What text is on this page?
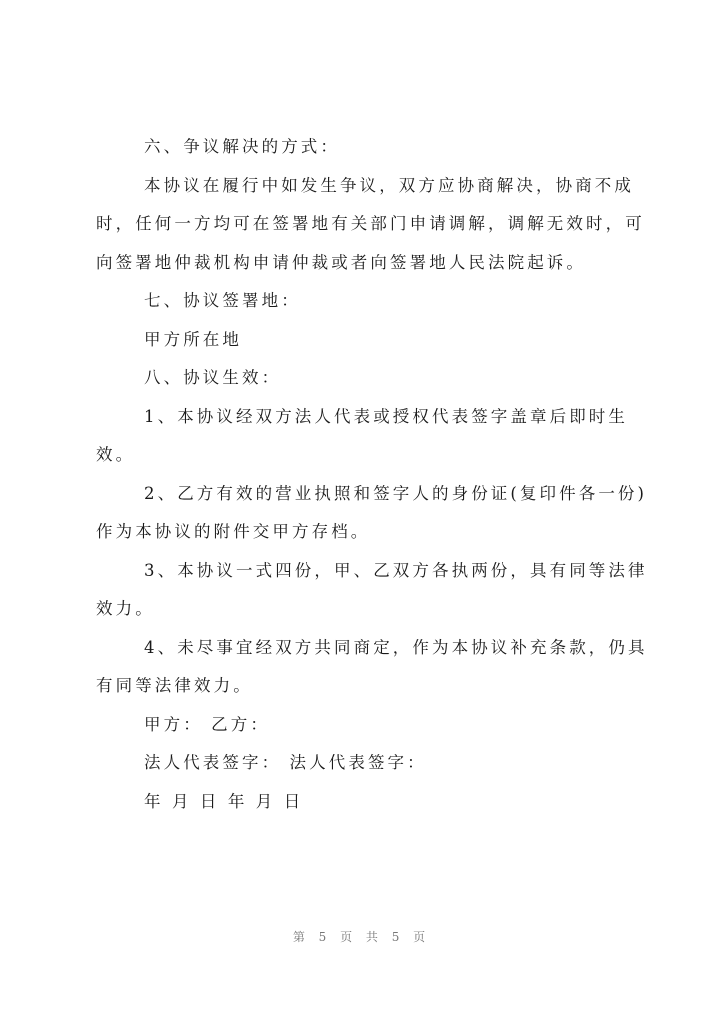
六、争议解决的方式：

本协议在履行中如发生争议，双方应协商解决，协商不成

时，任何一方均可在签署地有关部门申请调解，调解无效时，可

向签署地仲裁机构申请仲裁或者向签署地人民法院起诉。

七、协议签署地：

甲方所在地

八、协议生效：

1、本协议经双方法人代表或授权代表签字盖章后即时生

效。

2、乙方有效的营业执照和签字人的身份证(复印件各一份)

作为本协议的附件交甲方存档。

3、本协议一式四份，甲、乙双方各执两份，具有同等法律

效力。

4、未尽事宜经双方共同商定，作为本协议补充条款，仍具

有同等法律效力。

甲方： 乙方：

法人代表签字： 法人代表签字：

年 月 日 年 月 日

第 5 页 共 5 页
